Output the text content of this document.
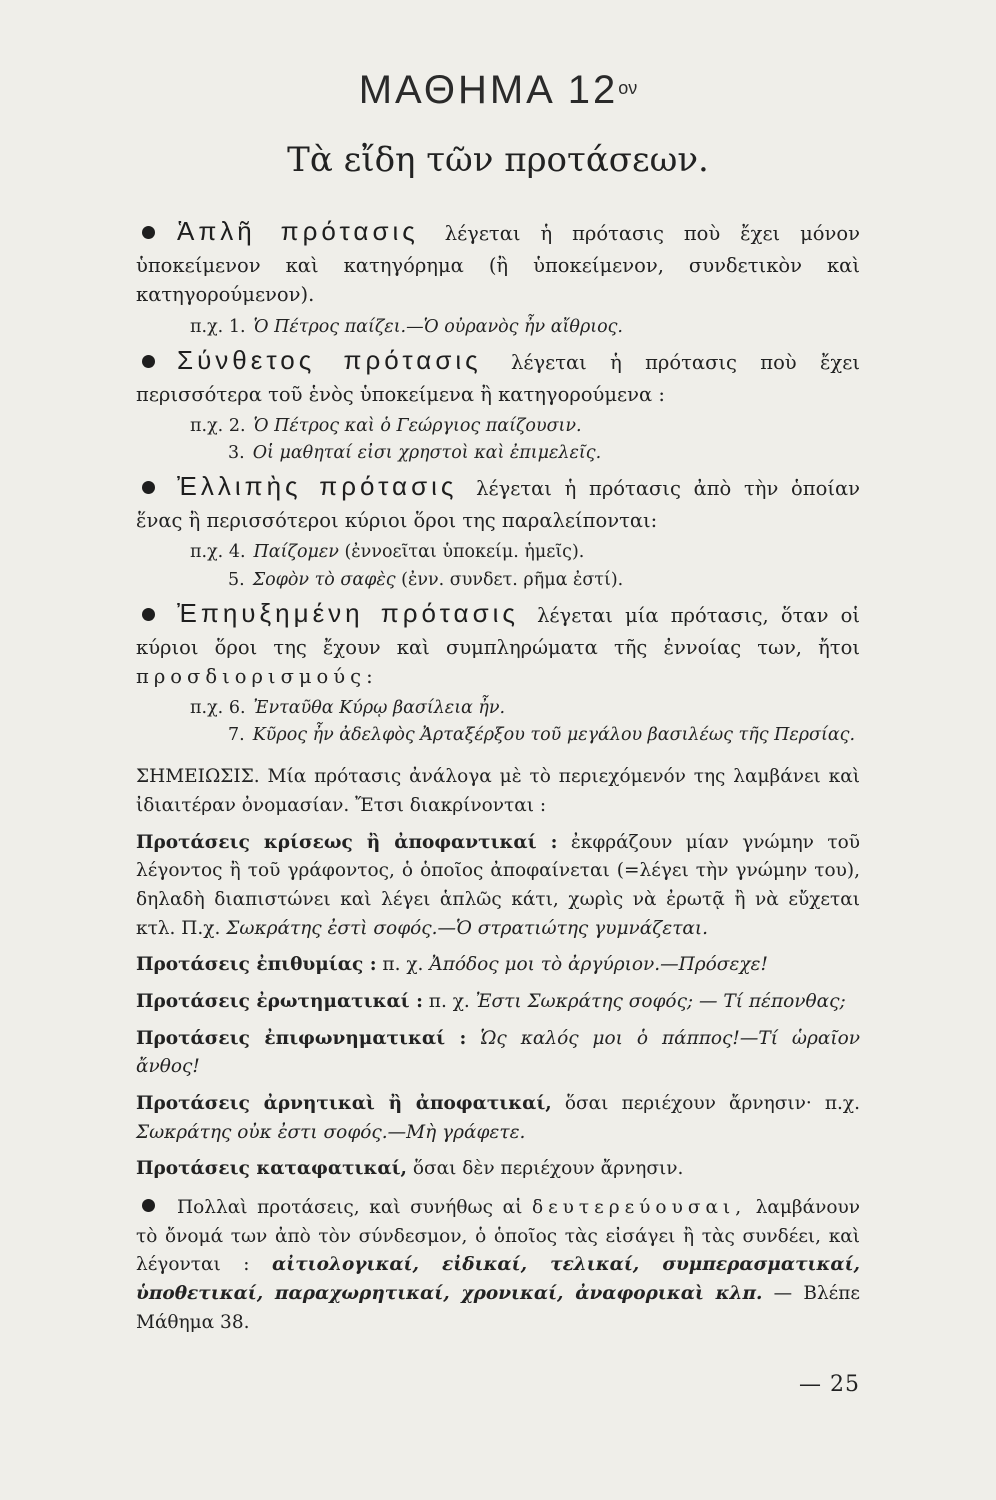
ΜΑΘΗΜΑ $12^{o\nu}$
Τὰ εἴδη τῶν προτάσεων.

Ἁπλῆ πρότασις λέγεται ἡ πρότασις ποὺ ἔχει μόνον ὑποκείμενον καὶ κατηγόρημα (ἢ ὑποκείμενον, συνδετικὸν καὶ κατηγορούμενον).

π.χ. 1. Ὁ Πέτρος παίζει.—Ὁ οὐρανὸς ἦν αἴθριος.

Σύνθετος πρότασις λέγεται ἡ πρότασις ποὺ ἔχει περισσότερα τοῦ ἑνὸς ὑποκείμενα ἢ κατηγορούμενα :

π.χ. 2. Ὁ Πέτρος καὶ ὁ Γεώργιος παίζουσιν.

3. Οἱ μαθηταί εἰσι χρηστοὶ καὶ ἐπιμελεῖς.

Ἐλλιπὴς πρότασις λέγεται ἡ πρότασις ἀπὸ τὴν ὁποίαν ἕνας ἢ περισσότεροι κύριοι ὅροι της παραλείπονται:

π.χ. 4. Παίζομεν (ἐννοεῖται ὑποκείμ. ἡμεῖς).

5. Σοφὸν τὸ σαφὲς (ἐνν. συνδετ. ρῆμα ἐστί).

Ἐπηυξημένη πρότασις λέγεται μία πρότασις, ὅταν οἱ κύριοι ὅροι της ἔχουν καὶ συμπληρώματα τῆς ἐννοίας των, ἤτοι προσδιορισμούς:

π.χ. 6. Ἐνταῦθα Κύρῳ βασίλεια ἦν.

7. Κῦρος ἦν ἀδελφὸς Ἀρταξέρξου τοῦ μεγάλου βασιλέως τῆς Περσίας.

ΣΗΜΕΙΩΣΙΣ. Μία πρότασις ἀνάλογα μὲ τὸ περιεχόμενόν της λαμβάνει καὶ ἰδιαιτέραν ὀνομασίαν. Ἔτσι διακρίνονται :

Προτάσεις κρίσεως ἢ ἀποφαντικαί : ἐκφράζουν μίαν γνώμην τοῦ λέγοντος ἢ τοῦ γράφοντος, ὁ ὁποῖος ἀποφαίνεται (=λέγει τὴν γνώμην του), δηλαδὴ διαπιστώνει καὶ λέγει ἁπλῶς κάτι, χωρὶς νὰ ἐρωτᾷ ἢ νὰ εὔχεται κτλ. Π.χ. Σωκράτης ἐστὶ σοφός.—Ὁ στρατιώτης γυμνάζεται.

Προτάσεις ἐπιθυμίας : π. χ. Ἀπόδος μοι τὸ ἀργύριον.—Πρόσεχε!

Προτάσεις ἐρωτηματικαί : π. χ. Ἐστι Σωκράτης σοφός; — Τί πέπονθας;

Προτάσεις ἐπιφωνηματικαί : Ὡς καλός μοι ὁ πάππος!—Τί ὡραῖον ἄνθος!

Προτάσεις ἀρνητικαὶ ἢ ἀποφατικαί, ὅσαι περιέχουν ἄρνησιν· π.χ. Σωκράτης οὐκ ἐστι σοφός.—Μὴ γράφετε.

Προτάσεις καταφατικαί, ὅσαι δὲν περιέχουν ἄρνησιν.

Πολλαὶ προτάσεις, καὶ συνήθως αἱ δευτερεύουσαι, λαμβάνουν τὸ ὄνομά των ἀπὸ τὸν σύνδεσμον, ὁ ὁποῖος τὰς εἰσάγει ἢ τὰς συνδέει, καὶ λέγονται : αἰτιολογικαί, εἰδικαί, τελικαί, συμπερασματικαί, ὑποθετικαί, παραχωρητικαί, χρονικαί, ἀναφορικαὶ κλπ. — Βλέπε Μάθημα 38.

— 25
